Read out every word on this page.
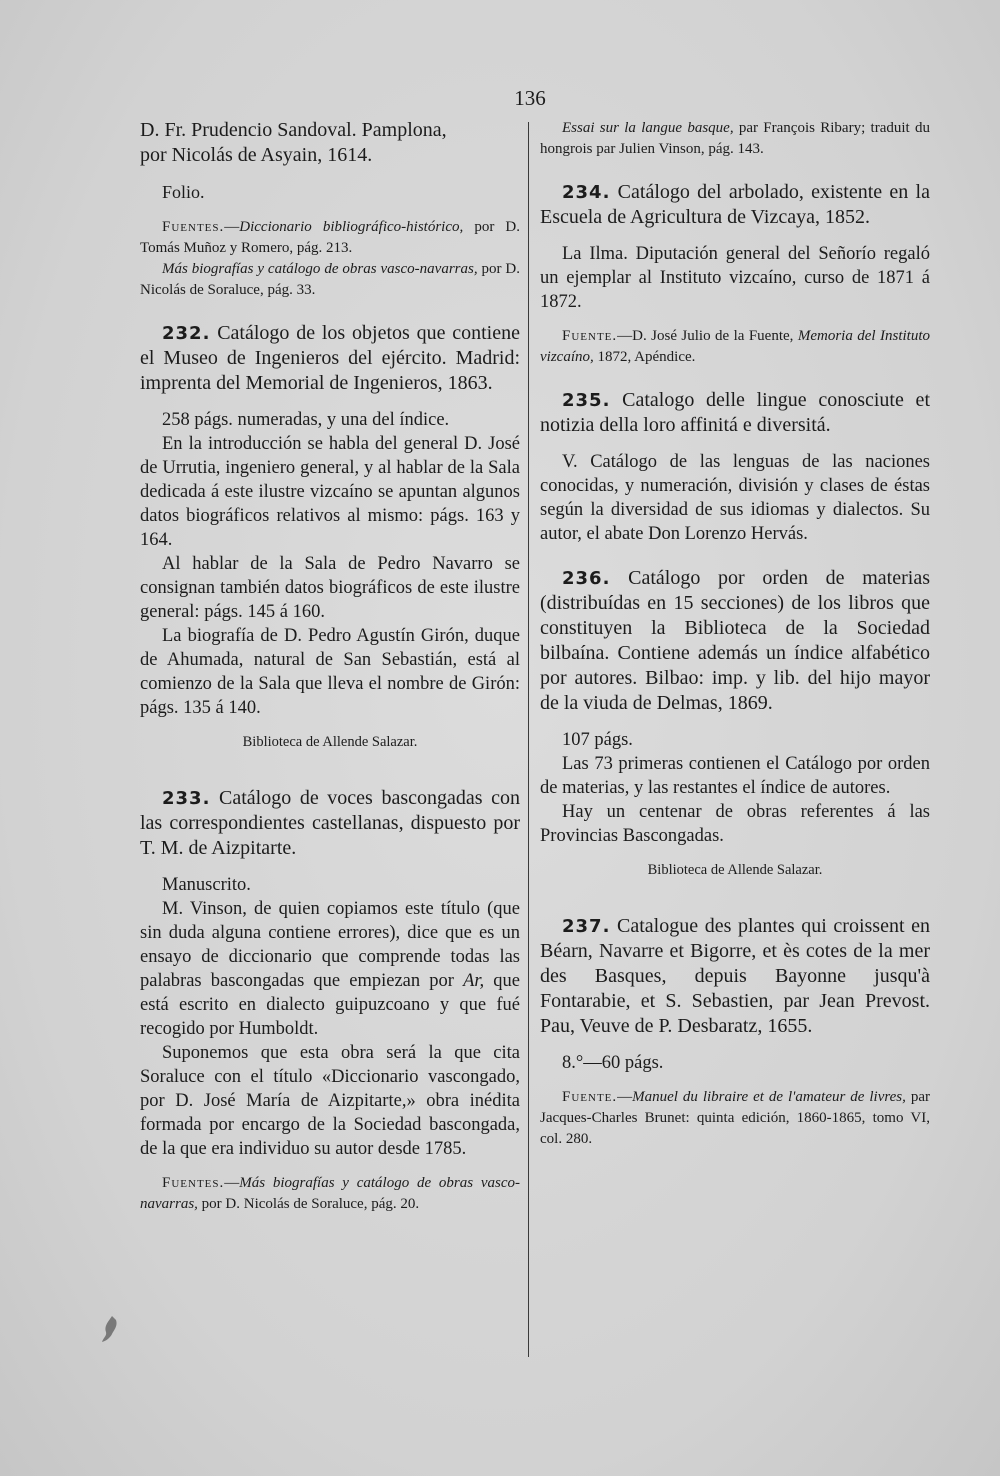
136

D. Fr. Prudencio Sandoval. Pamplona,

por Nicolás de Asyain, 1614.

Folio.

Fuentes.—Diccionario bibliográfico-histórico, por D. Tomás Muñoz y Romero, pág. 213.

Más biografías y catálogo de obras vasco-navarras, por D. Nicolás de Soraluce, pág. 33.

232. Catálogo de los objetos que contiene el Museo de Ingenieros del ejército. Madrid: imprenta del Memorial de Ingenieros, 1863.

258 págs. numeradas, y una del índice.

En la introducción se habla del general D. José de Urrutia, ingeniero general, y al hablar de la Sala dedicada á este ilustre vizcaíno se apuntan algunos datos biográficos relativos al mismo: págs. 163 y 164.

Al hablar de la Sala de Pedro Navarro se consignan también datos biográficos de este ilustre general: págs. 145 á 160.

La biografía de D. Pedro Agustín Girón, duque de Ahumada, natural de San Sebastián, está al comienzo de la Sala que lleva el nombre de Girón: págs. 135 á 140.

Biblioteca de Allende Salazar.

233. Catálogo de voces bascongadas con las correspondientes castellanas, dispuesto por T. M. de Aizpitarte.

Manuscrito.

M. Vinson, de quien copiamos este título (que sin duda alguna contiene errores), dice que es un ensayo de diccionario que comprende todas las palabras bascongadas que empiezan por Ar, que está escrito en dialecto guipuzcoano y que fué recogido por Humboldt.

Suponemos que esta obra será la que cita Soraluce con el título «Diccionario vascongado, por D. José María de Aizpitarte,» obra inédita formada por encargo de la Sociedad bascongada, de la que era individuo su autor desde 1785.

Fuentes.—Más biografías y catálogo de obras vasco-navarras, por D. Nicolás de Soraluce, pág. 20.

Essai sur la langue basque, par François Ribary; traduit du hongrois par Julien Vinson, pág. 143.

234. Catálogo del arbolado, existente en la Escuela de Agricultura de Vizcaya, 1852.

La Ilma. Diputación general del Señorío regaló un ejemplar al Instituto vizcaíno, curso de 1871 á 1872.

Fuente.—D. José Julio de la Fuente, Memoria del Instituto vizcaíno, 1872, Apéndice.

235. Catalogo delle lingue conosciute et notizia della loro affinitá e diversitá.

V. Catálogo de las lenguas de las naciones conocidas, y numeración, división y clases de éstas según la diversidad de sus idiomas y dialectos. Su autor, el abate Don Lorenzo Hervás.

236. Catálogo por orden de materias (distribuídas en 15 secciones) de los libros que constituyen la Biblioteca de la Sociedad bilbaína. Contiene además un índice alfabético por autores. Bilbao: imp. y lib. del hijo mayor de la viuda de Delmas, 1869.

107 págs.

Las 73 primeras contienen el Catálogo por orden de materias, y las restantes el índice de autores.

Hay un centenar de obras referentes á las Provincias Bascongadas.

Biblioteca de Allende Salazar.

237. Catalogue des plantes qui croissent en Béarn, Navarre et Bigorre, et ès cotes de la mer des Basques, depuis Bayonne jusqu'à Fontarabie, et S. Sebastien, par Jean Prevost. Pau, Veuve de P. Desbaratz, 1655.

8.°—60 págs.

Fuente.—Manuel du libraire et de l'amateur de livres, par Jacques-Charles Brunet: quinta edición, 1860-1865, tomo VI, col. 280.
